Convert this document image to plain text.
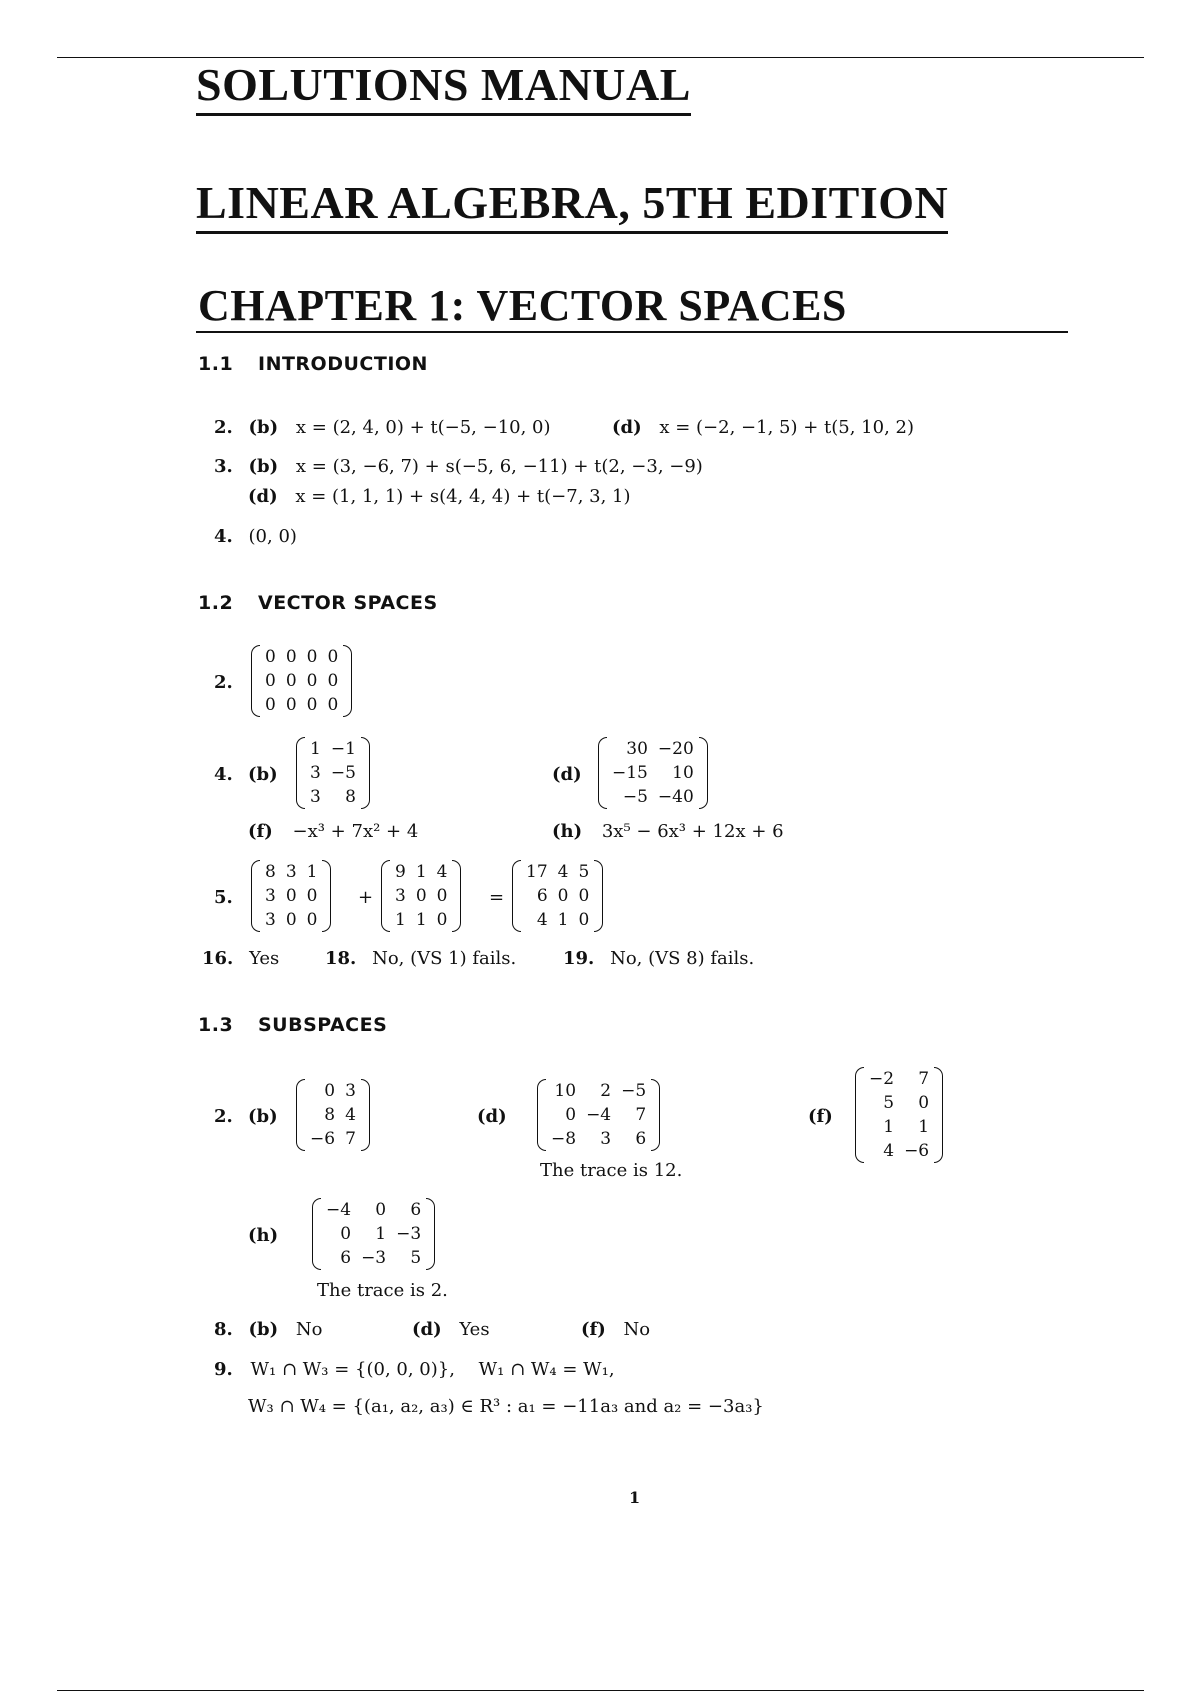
SOLUTIONS MANUAL
LINEAR ALGEBRA, 5TH EDITION
CHAPTER 1: VECTOR SPACES
1.1 INTRODUCTION
2. (b) x = (2, 4, 0) + t(−5, −10, 0)	(d) x = (−2, −1, 5) + t(5, 10, 2)
3. (b) x = (3, −6, 7) + s(−5, 6, −11) + t(2, −3, −9)
(d) x = (1, 1, 1) + s(4, 4, 4) + t(−7, 3, 1)
4. (0, 0)
1.2 VECTOR SPACES
2.
0	0	0	0
0	0	0	0
0	0	0	0
4. (b)
1	−1
3	−5
3	8
(d)
30	−20
−15	10
−5	−40
(f) −x³ + 7x² + 4	(h) 3x⁵ − 6x³ + 12x + 6
5.
8	3	1
3	0	0
3	0	0
+
9	1	4
3	0	0
1	1	0
=
17	4	5
6	0	0
4	1	0
16. Yes	18. No, (VS 1) fails.	19. No, (VS 8) fails.
1.3 SUBSPACES
2. (b)
0	3
8	4
−6	7
(d)
10	2	−5
0	−4	7
−8	3	6
The trace is 12.
(f)
−2	7
5	0
1	1
4	−6
(h)
−4	0	6
0	1	−3
6	−3	5
The trace is 2.
8. (b) No	(d) Yes	(f) No
9. W₁ ∩ W₃ = {(0, 0, 0)}, W₁ ∩ W₄ = W₁,
W₃ ∩ W₄ = {(a₁, a₂, a₃) ∈ R³ : a₁ = −11a₃ and a₂ = −3a₃}
1
